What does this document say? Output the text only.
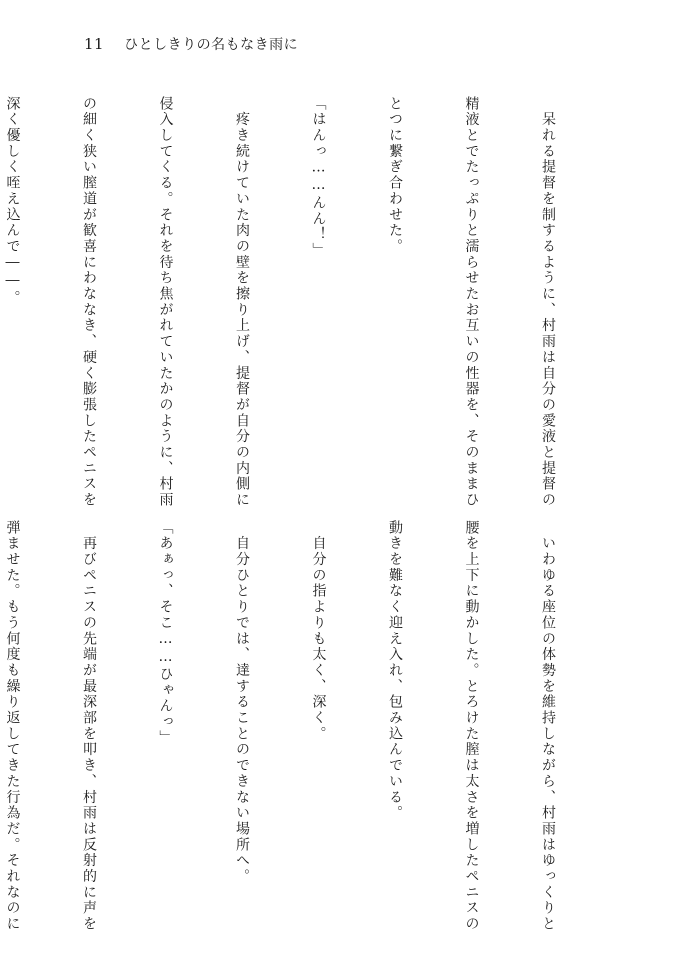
11 ひとしきりの名もなき雨に

　呆れる提督を制するように、村雨は自分の愛液と提督の

精液とでたっぷりと濡らせたお互いの性器を、そのままひ

とつに繋ぎ合わせた。

「はんっ……んん！」

　疼き続けていた肉の壁を擦り上げ、提督が自分の内側に

侵入してくる。それを待ち焦がれていたかのように、村雨

の細く狭い膣道が歓喜にわななき、硬く膨張したペニスを

深く優しく咥え込んで――。

　いわゆる座位の体勢を維持しながら、村雨はゆっくりと

腰を上下に動かした。とろけた膣は太さを増したペニスの

動きを難なく迎え入れ、包み込んでいる。

　自分の指よりも太く、深く。

　自分ひとりでは、達することのできない場所へ。

「あぁっ、そこ……ひゃんっ」

　再びペニスの先端が最深部を叩き、村雨は反射的に声を

弾ませた。もう何度も繰り返してきた行為だ。それなのに
